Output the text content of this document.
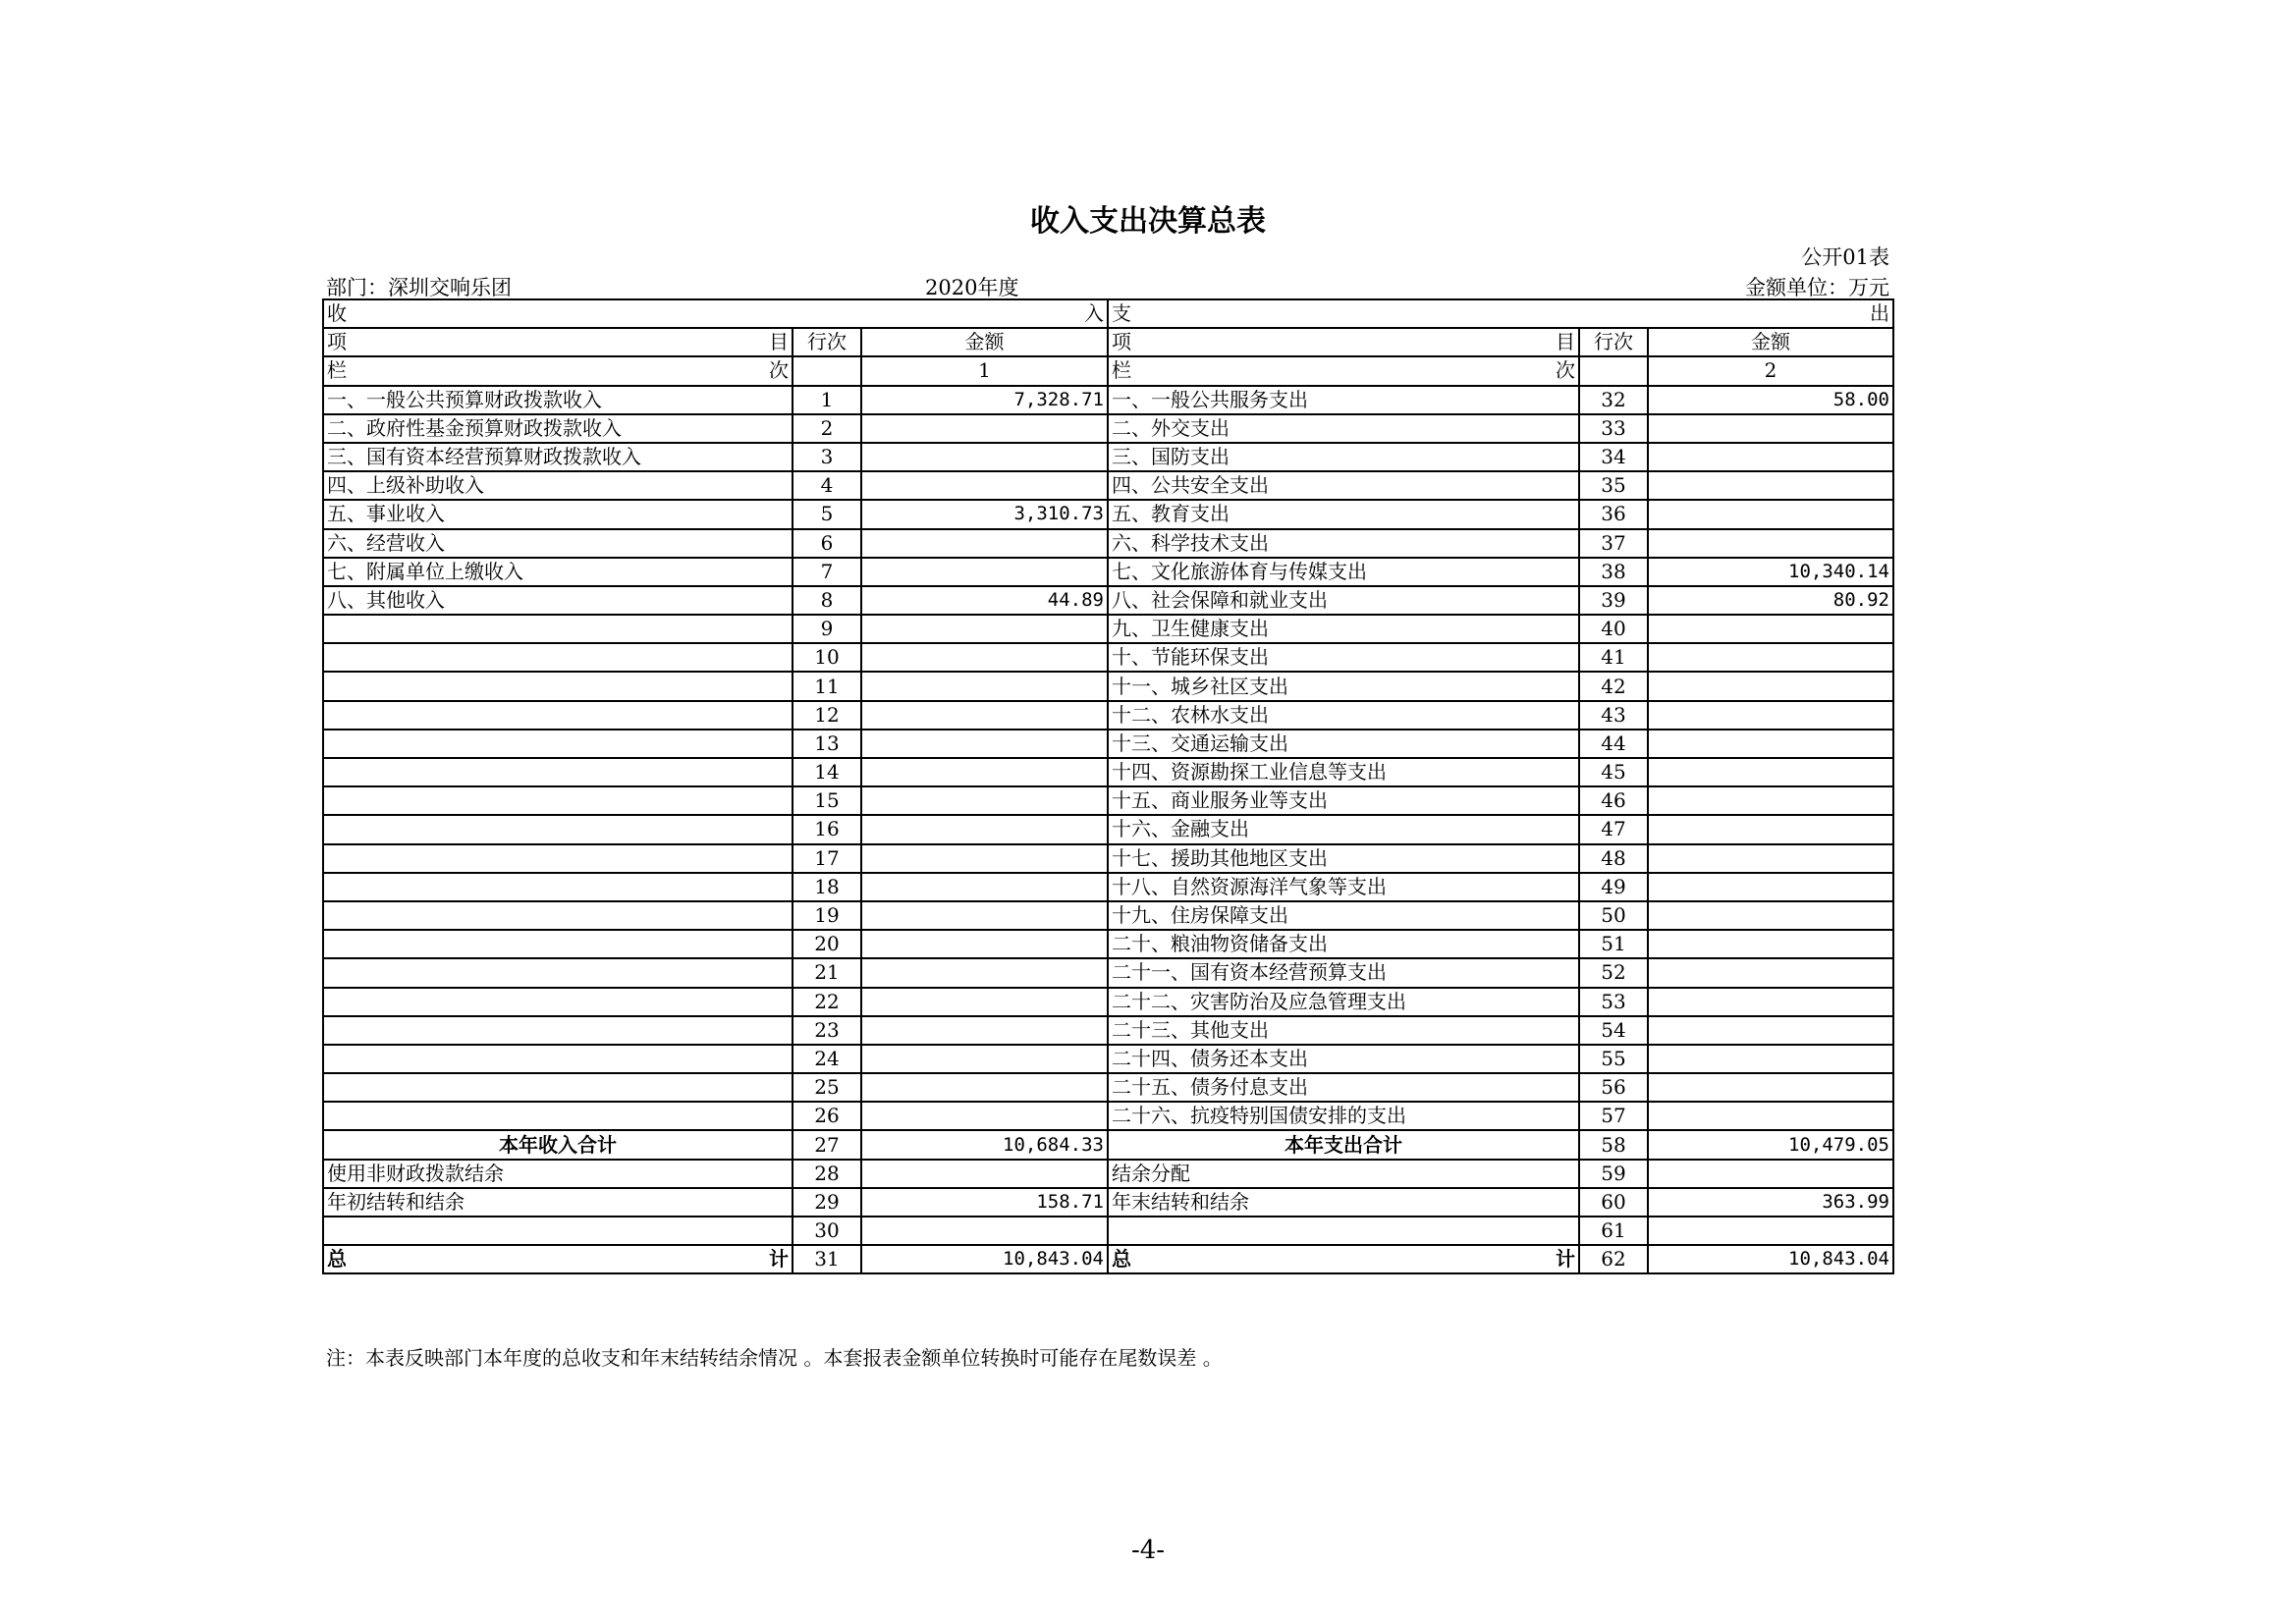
收入支出决算总表
公开01表
部门：深圳交响乐团	2020年度	金额单位：万元
收 入			支 出		

项 目	行次	金额	项 目	行次	金额

栏 次		1	栏 次		2
一、一般公共预算财政拨款收入	1	7,328.71	一、一般公共服务支出	32	58.00
二、政府性基金预算财政拨款收入	2		二、外交支出	33	
三、国有资本经营预算财政拨款收入	3		三、国防支出	34	
四、上级补助收入	4		四、公共安全支出	35	
五、事业收入	5	3,310.73	五、教育支出	36	
六、经营收入	6		六、科学技术支出	37	
七、附属单位上缴收入	7		七、文化旅游体育与传媒支出	38	10,340.14
八、其他收入	8	44.89	八、社会保障和就业支出	39	80.92
	9		九、卫生健康支出	40	
	10		十、节能环保支出	41	
	11		十一、城乡社区支出	42	
	12		十二、农林水支出	43	
	13		十三、交通运输支出	44	
	14		十四、资源勘探工业信息等支出	45	
	15		十五、商业服务业等支出	46	
	16		十六、金融支出	47	
	17		十七、援助其他地区支出	48	
	18		十八、自然资源海洋气象等支出	49	
	19		十九、住房保障支出	50	
	20		二十、粮油物资储备支出	51	
	21		二十一、国有资本经营预算支出	52	
	22		二十二、灾害防治及应急管理支出	53	
	23		二十三、其他支出	54	
	24		二十四、债务还本支出	55	
	25		二十五、债务付息支出	56	
	26		二十六、抗疫特别国债安排的支出	57	
本年收入合计	27	10,684.33	本年支出合计	58	10,479.05
使用非财政拨款结余	28		结余分配	59	
年初结转和结余	29	158.71	年末结转和结余	60	363.99
	30			61	

总 计	31	10,843.04	总 计	62	10,843.04
注：本表反映部门本年度的总收支和年末结转结余情况 。本套报表金额单位转换时可能存在尾数误差 。
-4-
